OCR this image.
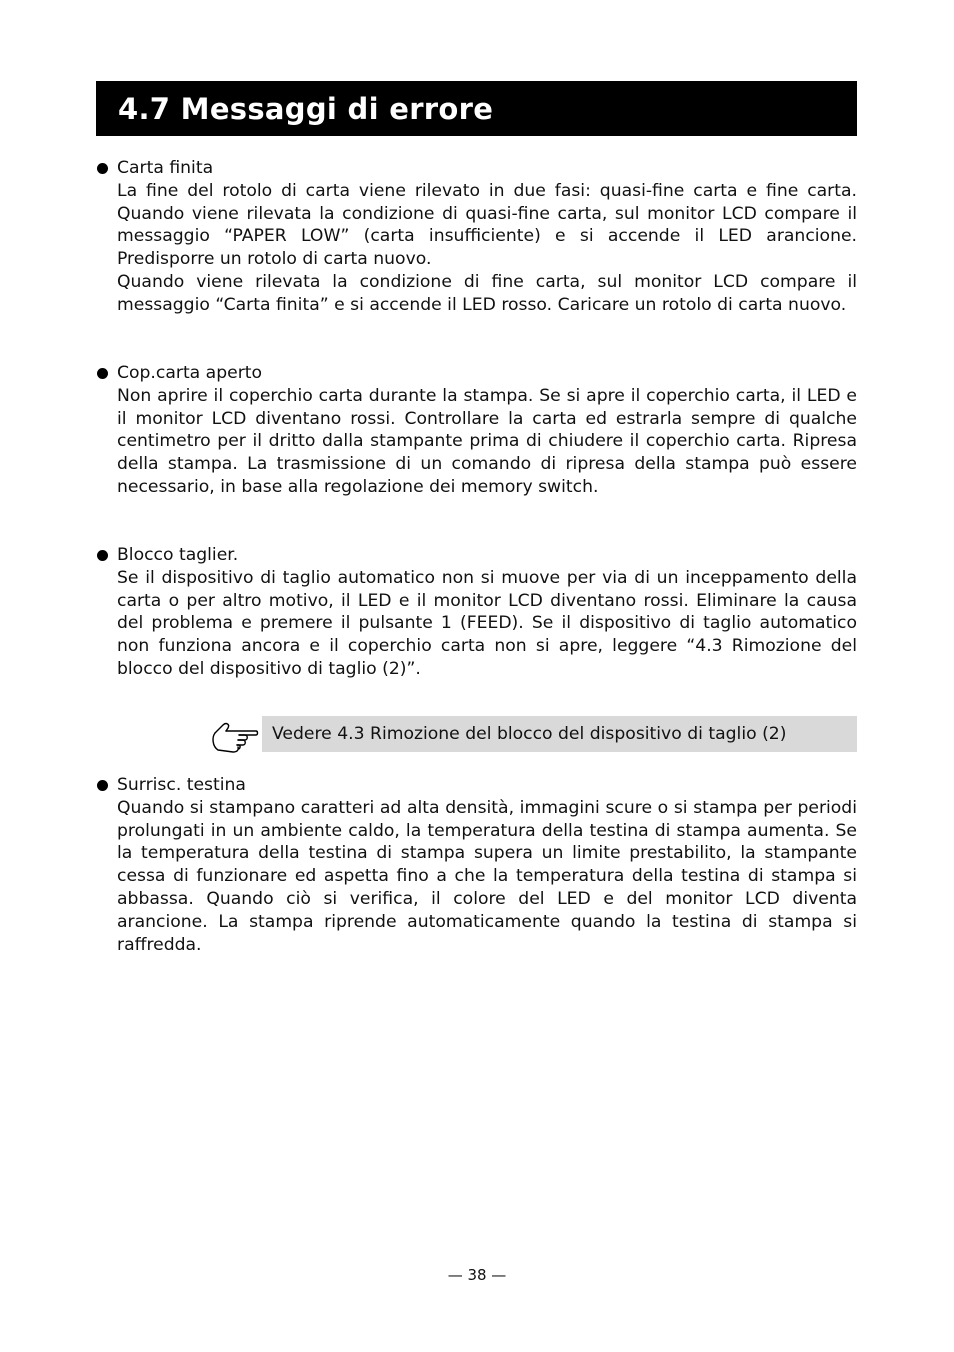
4.7 Messaggi di errore
Carta finita
La fine del rotolo di carta viene rilevato in due fasi: quasi-fine carta e fine carta. Quando viene rilevata la condizione di quasi-fine carta, sul monitor LCD compare il messaggio “PAPER LOW” (carta insufficiente) e si accende il LED arancione. Predisporre un rotolo di carta nuovo.
Quando viene rilevata la condizione di fine carta, sul monitor LCD compare il messaggio “Carta finita” e si accende il LED rosso. Caricare un rotolo di carta nuovo.
Cop.carta aperto
Non aprire il coperchio carta durante la stampa. Se si apre il coperchio carta, il LED e il monitor LCD diventano rossi. Controllare la carta ed estrarla sempre di qualche centimetro per il dritto dalla stampante prima di chiudere il coperchio carta. Ripresa della stampa. La trasmissione di un comando di ripresa della stampa può essere necessario, in base alla regolazione dei memory switch.
Blocco taglier.
Se il dispositivo di taglio automatico non si muove per via di un inceppamento della carta o per altro motivo, il LED e il monitor LCD diventano rossi. Eliminare la causa del problema e premere il pulsante 1 (FEED). Se il dispositivo di taglio automatico non funziona ancora e il coperchio carta non si apre, leggere “4.3 Rimozione del blocco del dispositivo di taglio (2)”.
Vedere 4.3 Rimozione del blocco del dispositivo di taglio (2)
Surrisc. testina
Quando si stampano caratteri ad alta densità, immagini scure o si stampa per periodi prolungati in un ambiente caldo, la temperatura della testina di stampa aumenta. Se la temperatura della testina di stampa supera un limite prestabilito, la stampante cessa di funzionare ed aspetta fino a che la temperatura della testina di stampa si abbassa. Quando ciò si verifica, il colore del LED e del monitor LCD diventa arancione. La stampa riprende automaticamente quando la testina di stampa si raffredda.
— 38 —
